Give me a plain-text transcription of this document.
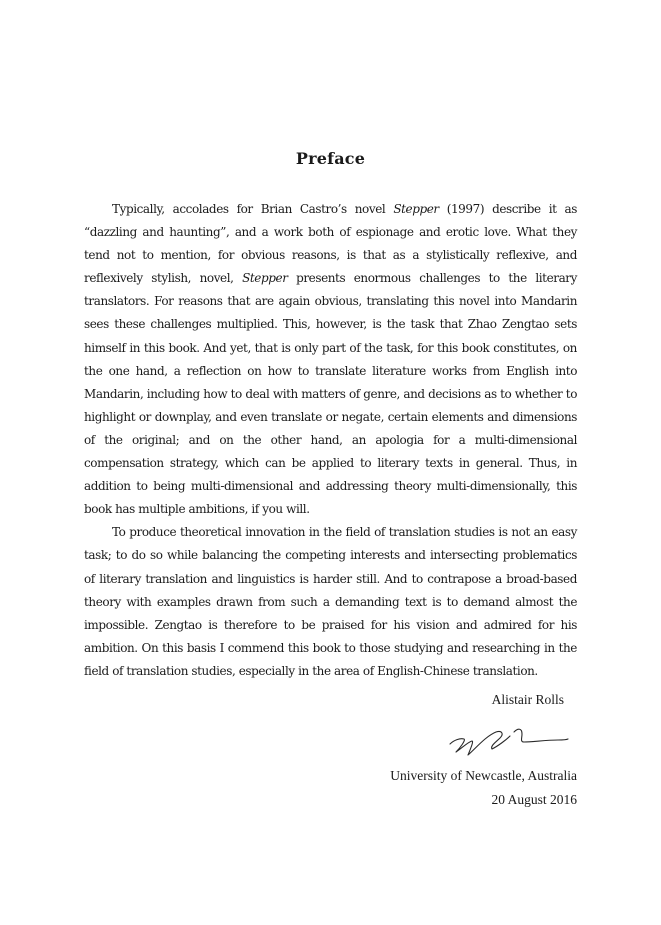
Preface

Typically, accolades for Brian Castro’s novel Stepper (1997) describe it as “dazzling and haunting”, and a work both of espionage and erotic love. What they tend not to mention, for obvious reasons, is that as a stylistically reflexive, and reflexively stylish, novel, Stepper presents enormous challenges to the literary translators. For reasons that are again obvious, translating this novel into Mandarin sees these challenges multiplied. This, however, is the task that Zhao Zengtao sets himself in this book. And yet, that is only part of the task, for this book constitutes, on the one hand, a reflection on how to translate literature works from English into Mandarin, including how to deal with matters of genre, and decisions as to whether to highlight or downplay, and even translate or negate, certain elements and dimensions of the original; and on the other hand, an apologia for a multi-dimensional compensation strategy, which can be applied to literary texts in general. Thus, in addition to being multi-dimensional and addressing theory multi-dimensionally, this book has multiple ambitions, if you will.

To produce theoretical innovation in the field of translation studies is not an easy task; to do so while balancing the competing interests and intersecting problematics of literary translation and linguistics is harder still. And to contrapose a broad-based theory with examples drawn from such a demanding text is to demand almost the impossible. Zengtao is therefore to be praised for his vision and admired for his ambition. On this basis I commend this book to those studying and researching in the field of translation studies, especially in the area of English-Chinese translation.

Alistair Rolls
University of Newcastle, Australia
20 August 2016
